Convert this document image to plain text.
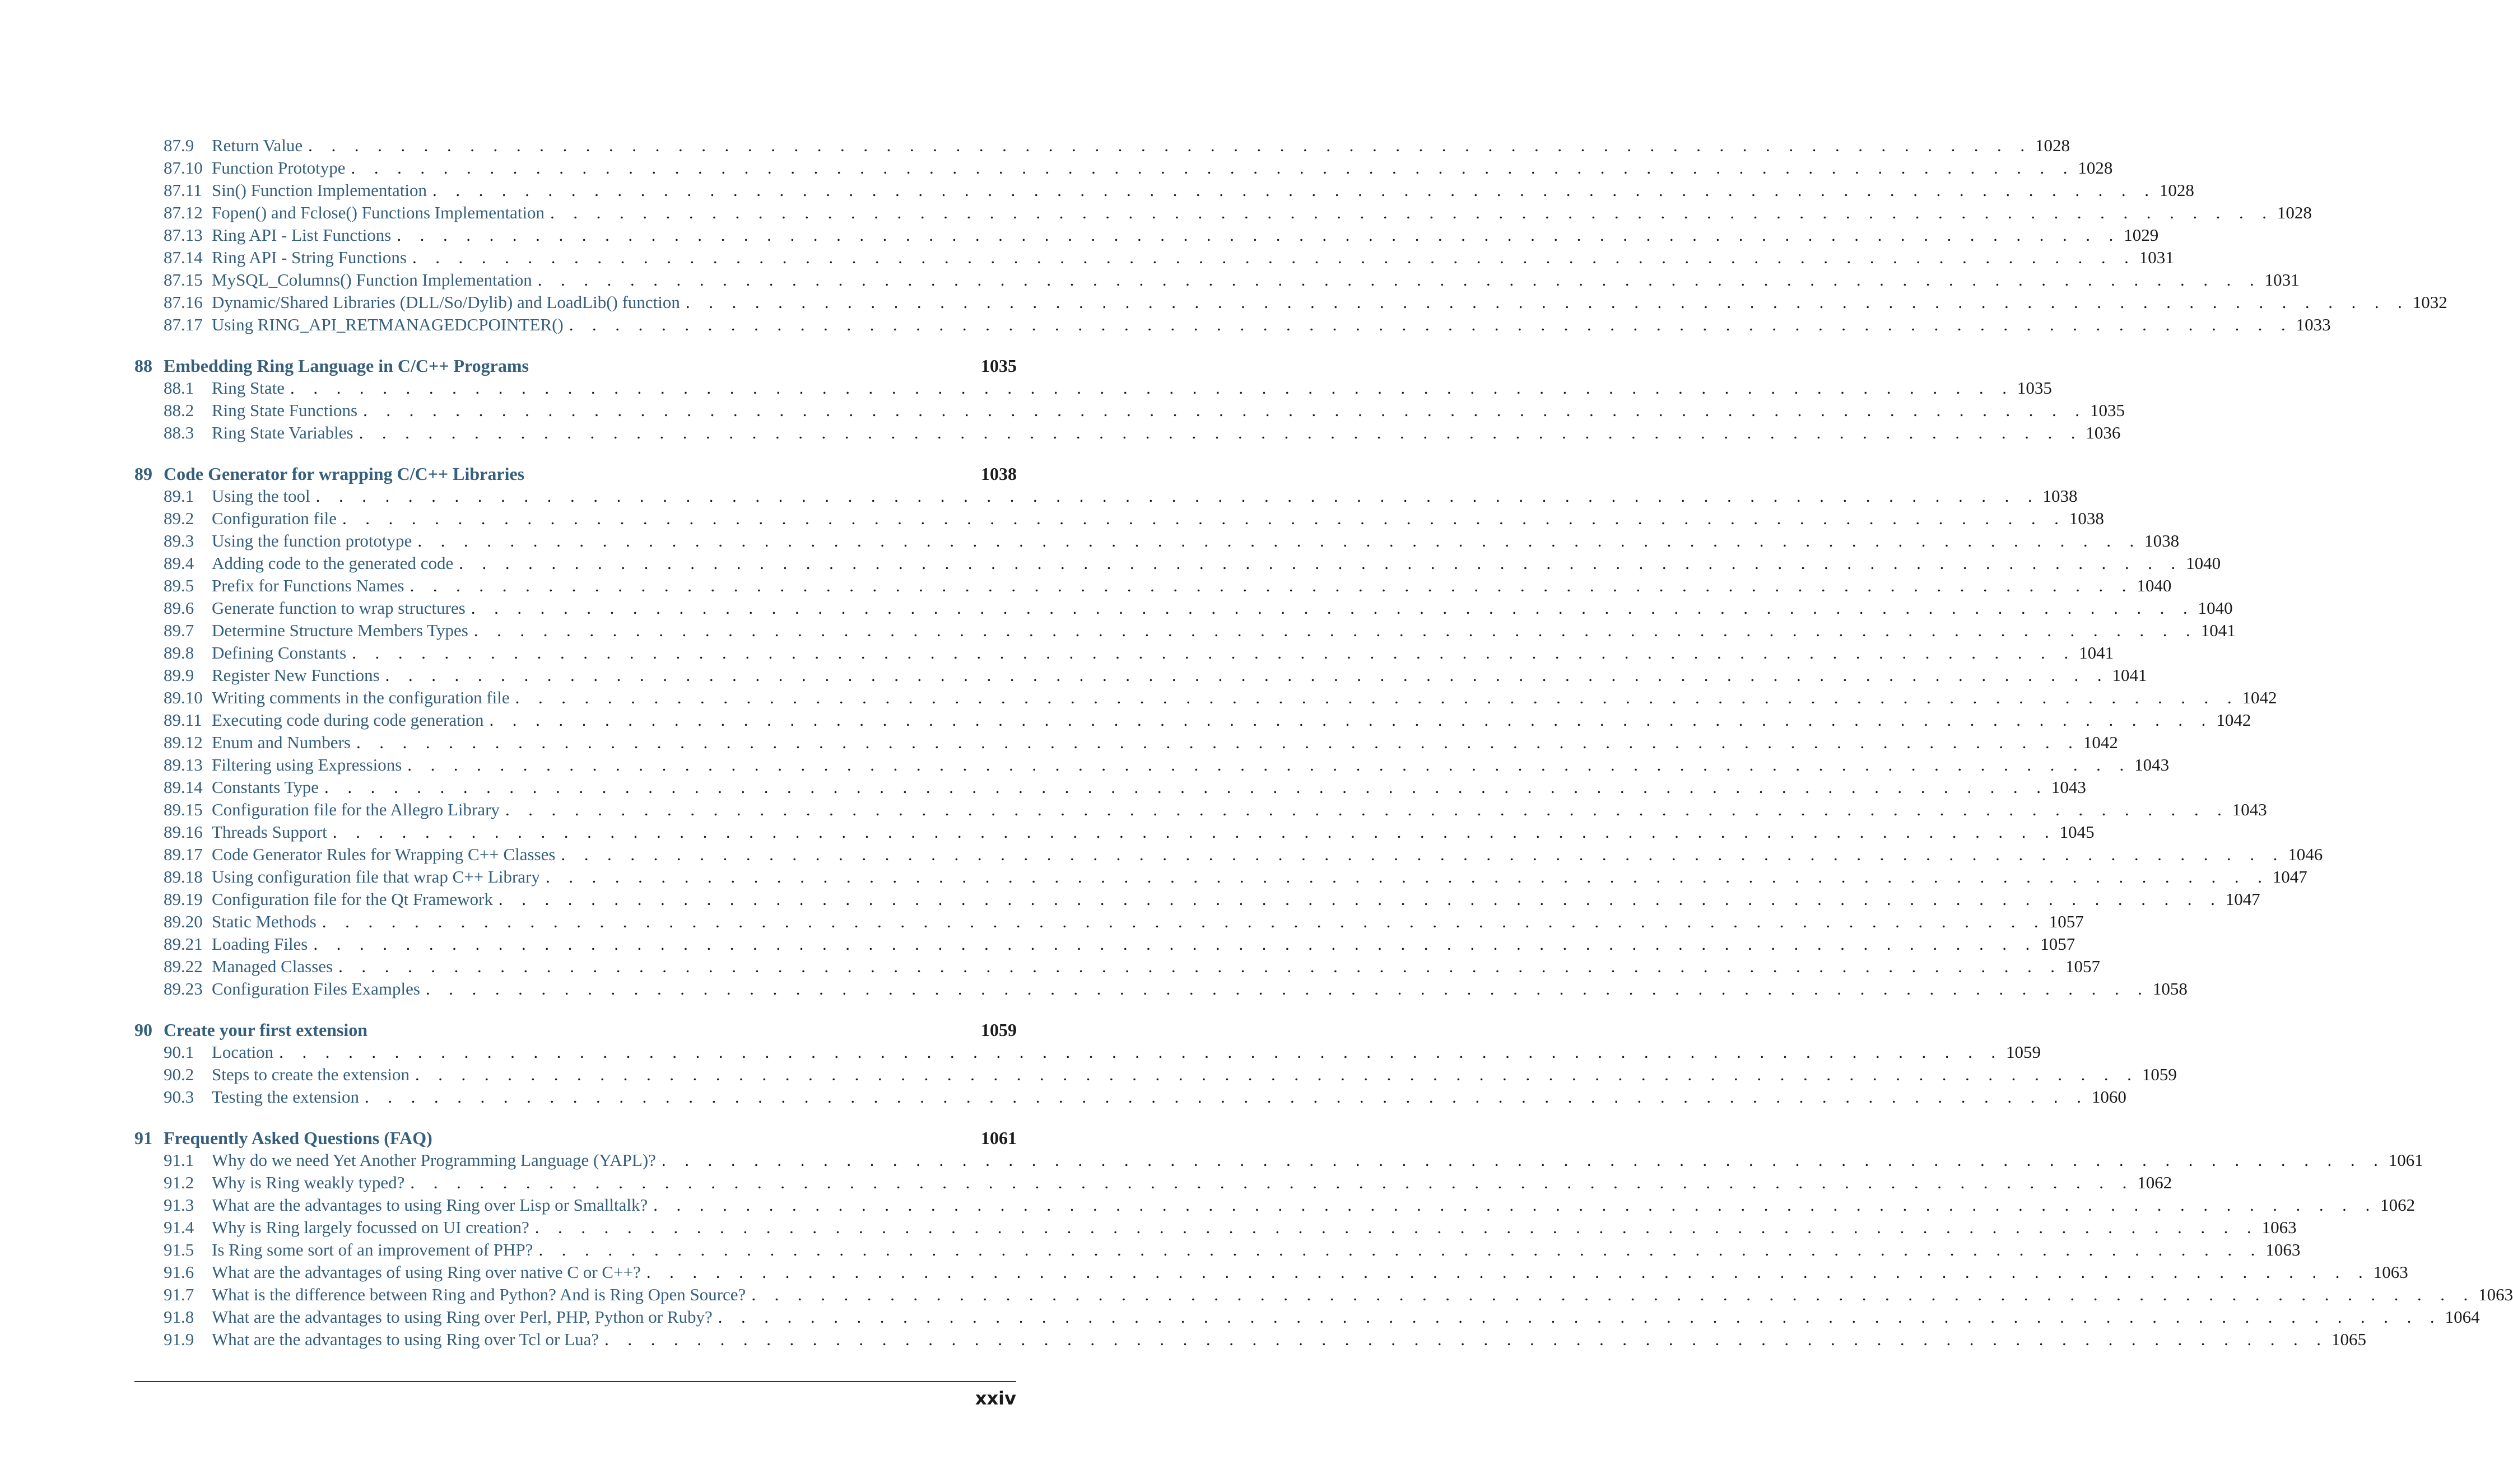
87.9	Return Value . . . . . . . . . . . . . . . . . . . . . . . . . . . . . . . . . . . . . . . . . . . . . . . . . . . . . . . . . . . . . . . . . . . . . . . . . . . 1028
87.10 Function Prototype . . . . . . . . . . . . . . . . . . . . . . . . . . . . . . . . . . . . . . . . . . . . . . . . . . . . . . . . . . . . . . . . . . . . . . . . . . . 1028
87.11 Sin() Function Implementation . . . . . . . . . . . . . . . . . . . . . . . . . . . . . . . . . . . . . . . . . . . . . . . . . . . . . . . . . . . . . . . . . . . . . . . . . . . 1028
87.12 Fopen() and Fclose() Functions Implementation . . . . . . . . . . . . . . . . . . . . . . . . . . . . . . . . . . . . . . . . . . . . . . . . . . . . . . . . . . . . . . . . . . . . . . . . . . . 1028
87.13 Ring API - List Functions . . . . . . . . . . . . . . . . . . . . . . . . . . . . . . . . . . . . . . . . . . . . . . . . . . . . . . . . . . . . . . . . . . . . . . . . . . . 1029
87.14 Ring API - String Functions . . . . . . . . . . . . . . . . . . . . . . . . . . . . . . . . . . . . . . . . . . . . . . . . . . . . . . . . . . . . . . . . . . . . . . . . . . . 1031
87.15 MySQL_Columns() Function Implementation . . . . . . . . . . . . . . . . . . . . . . . . . . . . . . . . . . . . . . . . . . . . . . . . . . . . . . . . . . . . . . . . . . . . . . . . . . . 1031
87.16 Dynamic/Shared Libraries (DLL/So/Dylib) and LoadLib() function . . . . . . . . . . . . . . . . . . . . . . . . . . . . . . . . . . . . . . . . . . . . . . . . . . . . . . . . . . . . . . . . . . . . . . . . . . . 1032
87.17 Using RING_API_RETMANAGEDCPOINTER() . . . . . . . . . . . . . . . . . . . . . . . . . . . . . . . . . . . . . . . . . . . . . . . . . . . . . . . . . . . . . . . . . . . . . . . . . . . 1033
88 Embedding Ring Language in C/C++ Programs	1035
88.1	Ring State . . . . . . . . . . . . . . . . . . . . . . . . . . . . . . . . . . . . . . . . . . . . . . . . . . . . . . . . . . . . . . . . . . . . . . . . . . . 1035
88.2	Ring State Functions . . . . . . . . . . . . . . . . . . . . . . . . . . . . . . . . . . . . . . . . . . . . . . . . . . . . . . . . . . . . . . . . . . . . . . . . . . . 1035
88.3	Ring State Variables . . . . . . . . . . . . . . . . . . . . . . . . . . . . . . . . . . . . . . . . . . . . . . . . . . . . . . . . . . . . . . . . . . . . . . . . . . . 1036
89 Code Generator for wrapping C/C++ Libraries	1038
89.1	Using the tool . . . . . . . . . . . . . . . . . . . . . . . . . . . . . . . . . . . . . . . . . . . . . . . . . . . . . . . . . . . . . . . . . . . . . . . . . . . 1038
89.2	Configuration file . . . . . . . . . . . . . . . . . . . . . . . . . . . . . . . . . . . . . . . . . . . . . . . . . . . . . . . . . . . . . . . . . . . . . . . . . . . 1038
89.3	Using the function prototype . . . . . . . . . . . . . . . . . . . . . . . . . . . . . . . . . . . . . . . . . . . . . . . . . . . . . . . . . . . . . . . . . . . . . . . . . . . 1038
89.4	Adding code to the generated code . . . . . . . . . . . . . . . . . . . . . . . . . . . . . . . . . . . . . . . . . . . . . . . . . . . . . . . . . . . . . . . . . . . . . . . . . . . 1040
89.5	Prefix for Functions Names . . . . . . . . . . . . . . . . . . . . . . . . . . . . . . . . . . . . . . . . . . . . . . . . . . . . . . . . . . . . . . . . . . . . . . . . . . . 1040
89.6	Generate function to wrap structures . . . . . . . . . . . . . . . . . . . . . . . . . . . . . . . . . . . . . . . . . . . . . . . . . . . . . . . . . . . . . . . . . . . . . . . . . . . 1040
89.7	Determine Structure Members Types . . . . . . . . . . . . . . . . . . . . . . . . . . . . . . . . . . . . . . . . . . . . . . . . . . . . . . . . . . . . . . . . . . . . . . . . . . . 1041
89.8	Defining Constants . . . . . . . . . . . . . . . . . . . . . . . . . . . . . . . . . . . . . . . . . . . . . . . . . . . . . . . . . . . . . . . . . . . . . . . . . . . 1041
89.9	Register New Functions . . . . . . . . . . . . . . . . . . . . . . . . . . . . . . . . . . . . . . . . . . . . . . . . . . . . . . . . . . . . . . . . . . . . . . . . . . . 1041
89.10 Writing comments in the configuration file . . . . . . . . . . . . . . . . . . . . . . . . . . . . . . . . . . . . . . . . . . . . . . . . . . . . . . . . . . . . . . . . . . . . . . . . . . . 1042
89.11 Executing code during code generation . . . . . . . . . . . . . . . . . . . . . . . . . . . . . . . . . . . . . . . . . . . . . . . . . . . . . . . . . . . . . . . . . . . . . . . . . . . 1042
89.12 Enum and Numbers . . . . . . . . . . . . . . . . . . . . . . . . . . . . . . . . . . . . . . . . . . . . . . . . . . . . . . . . . . . . . . . . . . . . . . . . . . . 1042
89.13 Filtering using Expressions . . . . . . . . . . . . . . . . . . . . . . . . . . . . . . . . . . . . . . . . . . . . . . . . . . . . . . . . . . . . . . . . . . . . . . . . . . . 1043
89.14 Constants Type . . . . . . . . . . . . . . . . . . . . . . . . . . . . . . . . . . . . . . . . . . . . . . . . . . . . . . . . . . . . . . . . . . . . . . . . . . . 1043
89.15 Configuration file for the Allegro Library . . . . . . . . . . . . . . . . . . . . . . . . . . . . . . . . . . . . . . . . . . . . . . . . . . . . . . . . . . . . . . . . . . . . . . . . . . . 1043
89.16 Threads Support . . . . . . . . . . . . . . . . . . . . . . . . . . . . . . . . . . . . . . . . . . . . . . . . . . . . . . . . . . . . . . . . . . . . . . . . . . . 1045
89.17 Code Generator Rules for Wrapping C++ Classes . . . . . . . . . . . . . . . . . . . . . . . . . . . . . . . . . . . . . . . . . . . . . . . . . . . . . . . . . . . . . . . . . . . . . . . . . . . 1046
89.18 Using configuration file that wrap C++ Library . . . . . . . . . . . . . . . . . . . . . . . . . . . . . . . . . . . . . . . . . . . . . . . . . . . . . . . . . . . . . . . . . . . . . . . . . . . 1047
89.19 Configuration file for the Qt Framework . . . . . . . . . . . . . . . . . . . . . . . . . . . . . . . . . . . . . . . . . . . . . . . . . . . . . . . . . . . . . . . . . . . . . . . . . . . 1047
89.20 Static Methods . . . . . . . . . . . . . . . . . . . . . . . . . . . . . . . . . . . . . . . . . . . . . . . . . . . . . . . . . . . . . . . . . . . . . . . . . . . 1057
89.21 Loading Files . . . . . . . . . . . . . . . . . . . . . . . . . . . . . . . . . . . . . . . . . . . . . . . . . . . . . . . . . . . . . . . . . . . . . . . . . . . 1057
89.22 Managed Classes . . . . . . . . . . . . . . . . . . . . . . . . . . . . . . . . . . . . . . . . . . . . . . . . . . . . . . . . . . . . . . . . . . . . . . . . . . . 1057
89.23 Configuration Files Examples . . . . . . . . . . . . . . . . . . . . . . . . . . . . . . . . . . . . . . . . . . . . . . . . . . . . . . . . . . . . . . . . . . . . . . . . . . . 1058
90 Create your first extension	1059
90.1	Location . . . . . . . . . . . . . . . . . . . . . . . . . . . . . . . . . . . . . . . . . . . . . . . . . . . . . . . . . . . . . . . . . . . . . . . . . . . 1059
90.2	Steps to create the extension . . . . . . . . . . . . . . . . . . . . . . . . . . . . . . . . . . . . . . . . . . . . . . . . . . . . . . . . . . . . . . . . . . . . . . . . . . . 1059
90.3	Testing the extension . . . . . . . . . . . . . . . . . . . . . . . . . . . . . . . . . . . . . . . . . . . . . . . . . . . . . . . . . . . . . . . . . . . . . . . . . . . 1060
91 Frequently Asked Questions (FAQ)	1061
91.1	Why do we need Yet Another Programming Language (YAPL)? . . . . . . . . . . . . . . . . . . . . . . . . . . . . . . . . . . . . . . . . . . . . . . . . . . . . . . . . . . . . . . . . . . . . . . . . . . . 1061
91.2	Why is Ring weakly typed? . . . . . . . . . . . . . . . . . . . . . . . . . . . . . . . . . . . . . . . . . . . . . . . . . . . . . . . . . . . . . . . . . . . . . . . . . . . 1062
91.3	What are the advantages to using Ring over Lisp or Smalltalk? . . . . . . . . . . . . . . . . . . . . . . . . . . . . . . . . . . . . . . . . . . . . . . . . . . . . . . . . . . . . . . . . . . . . . . . . . . . 1062
91.4	Why is Ring largely focussed on UI creation? . . . . . . . . . . . . . . . . . . . . . . . . . . . . . . . . . . . . . . . . . . . . . . . . . . . . . . . . . . . . . . . . . . . . . . . . . . . 1063
91.5	Is Ring some sort of an improvement of PHP? . . . . . . . . . . . . . . . . . . . . . . . . . . . . . . . . . . . . . . . . . . . . . . . . . . . . . . . . . . . . . . . . . . . . . . . . . . . 1063
91.6	What are the advantages of using Ring over native C or C++? . . . . . . . . . . . . . . . . . . . . . . . . . . . . . . . . . . . . . . . . . . . . . . . . . . . . . . . . . . . . . . . . . . . . . . . . . . . 1063
91.7	What is the difference between Ring and Python? And is Ring Open Source? . . . . . . . . . . . . . . . . . . . . . . . . . . . . . . . . . . . . . . . . . . . . . . . . . . . . . . . . . . . . . . . . . . . . . . . . . . . 1063
91.8	What are the advantages to using Ring over Perl, PHP, Python or Ruby? . . . . . . . . . . . . . . . . . . . . . . . . . . . . . . . . . . . . . . . . . . . . . . . . . . . . . . . . . . . . . . . . . . . . . . . . . . . 1064
91.9	What are the advantages to using Ring over Tcl or Lua? . . . . . . . . . . . . . . . . . . . . . . . . . . . . . . . . . . . . . . . . . . . . . . . . . . . . . . . . . . . . . . . . . . . . . . . . . . . 1065
xxiv
